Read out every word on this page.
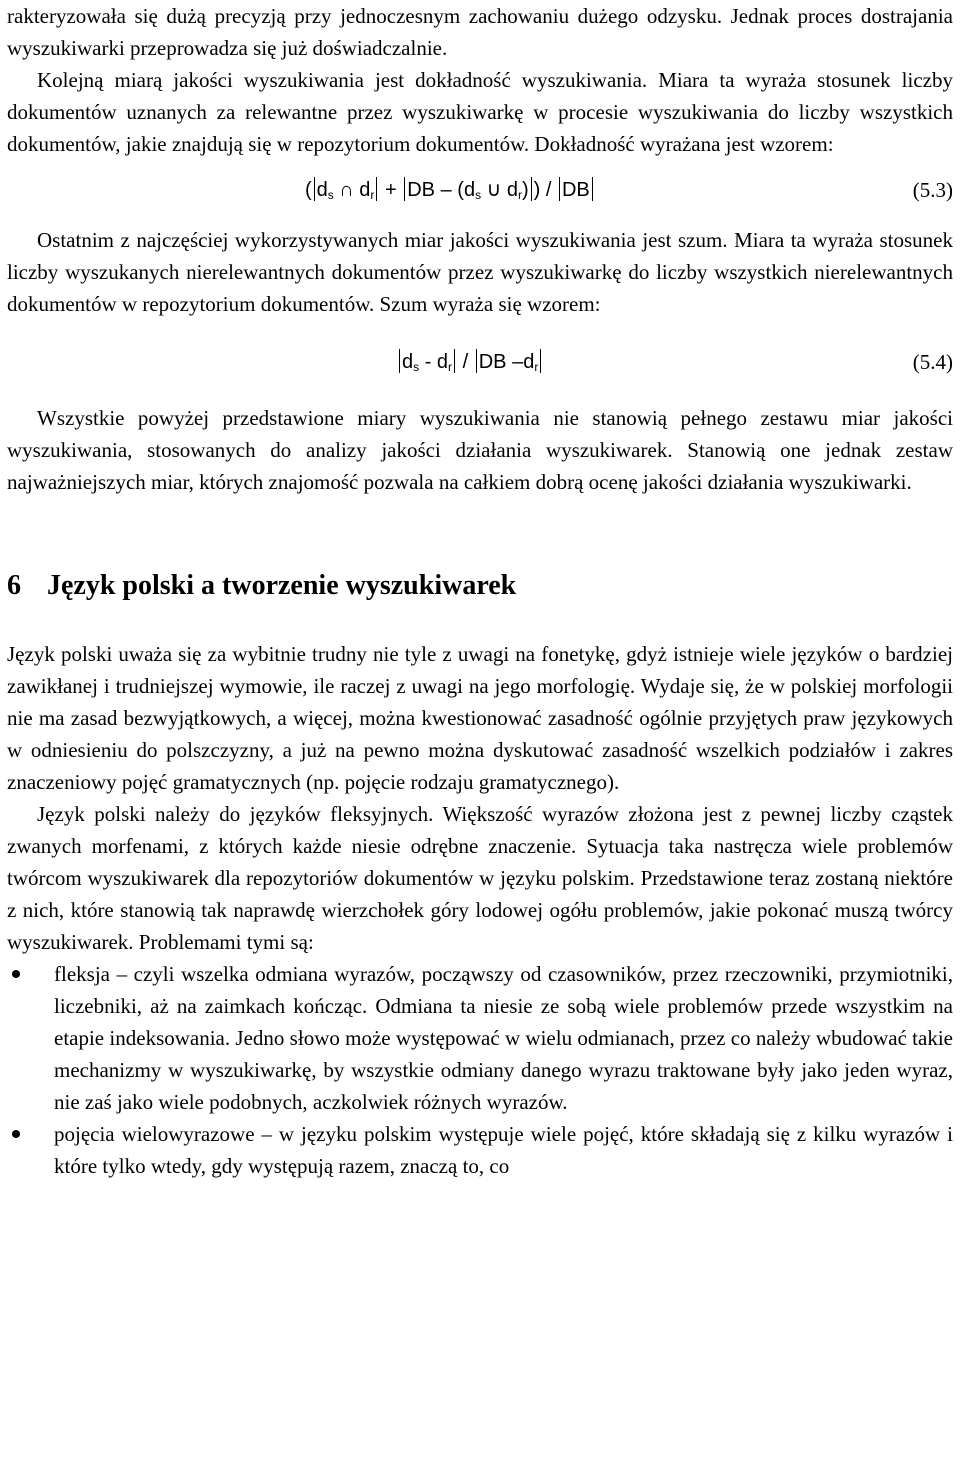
rakteryzowała się dużą precyzją przy jednoczesnym zachowaniu dużego odzysku. Jednak proces dostrajania wyszukiwarki przeprowadza się już doświadczalnie.

Kolejną miarą jakości wyszukiwania jest dokładność wyszukiwania. Miara ta wyraża stosunek liczby dokumentów uznanych za relewantne przez wyszukiwarkę w procesie wyszukiwania do liczby wszystkich dokumentów, jakie znajdują się w repozytorium dokumentów. Dokładność wyrażana jest wzorem:

( $d_s$ ∩ $d_r$ + DB – ($d_s$ ∪ $d_r$) ) / DB	(5.3)

Ostatnim z najczęściej wykorzystywanych miar jakości wyszukiwania jest szum. Miara ta wyraża stosunek liczby wyszukanych nierelewantnych dokumentów przez wyszukiwarkę do liczby wszystkich nierelewantnych dokumentów w repozytorium dokumentów. Szum wyraża się wzorem:

$d_s - d_r$ / DB $-d_r$	(5.4)

Wszystkie powyżej przedstawione miary wyszukiwania nie stanowią pełnego zestawu miar jakości wyszukiwania, stosowanych do analizy jakości działania wyszukiwarek. Stanowią one jednak zestaw najważniejszych miar, których znajomość pozwala na całkiem dobrą ocenę jakości działania wyszukiwarki.

6 Język polski a tworzenie wyszukiwarek

Język polski uważa się za wybitnie trudny nie tyle z uwagi na fonetykę, gdyż istnieje wiele języków o bardziej zawikłanej i trudniejszej wymowie, ile raczej z uwagi na jego morfologię. Wydaje się, że w polskiej morfologii nie ma zasad bezwyjątkowych, a więcej, można kwestionować zasadność ogólnie przyjętych praw językowych w odniesieniu do polszczyzny, a już na pewno można dyskutować zasadność wszelkich podziałów i zakres znaczeniowy pojęć gramatycznych (np. pojęcie rodzaju gramatycznego).

Język polski należy do języków fleksyjnych. Większość wyrazów złożona jest z pewnej liczby cząstek zwanych morfenami, z których każde niesie odrębne znaczenie. Sytuacja taka nastręcza wiele problemów twórcom wyszukiwarek dla repozytoriów dokumentów w języku polskim. Przedstawione teraz zostaną niektóre z nich, które stanowią tak naprawdę wierzchołek góry lodowej ogółu problemów, jakie pokonać muszą twórcy wyszukiwarek. Problemami tymi są:

fleksja – czyli wszelka odmiana wyrazów, począwszy od czasowników, przez rzeczowniki, przymiotniki, liczebniki, aż na zaimkach kończąc. Odmiana ta niesie ze sobą wiele problemów przede wszystkim na etapie indeksowania. Jedno słowo może występować w wielu odmianach, przez co należy wbudować takie mechanizmy w wyszukiwarkę, by wszystkie odmiany danego wyrazu traktowane były jako jeden wyraz, nie zaś jako wiele podobnych, aczkolwiek różnych wyrazów.
pojęcia wielowyrazowe – w języku polskim występuje wiele pojęć, które składają się z kilku wyrazów i które tylko wtedy, gdy występują razem, znaczą to, co
